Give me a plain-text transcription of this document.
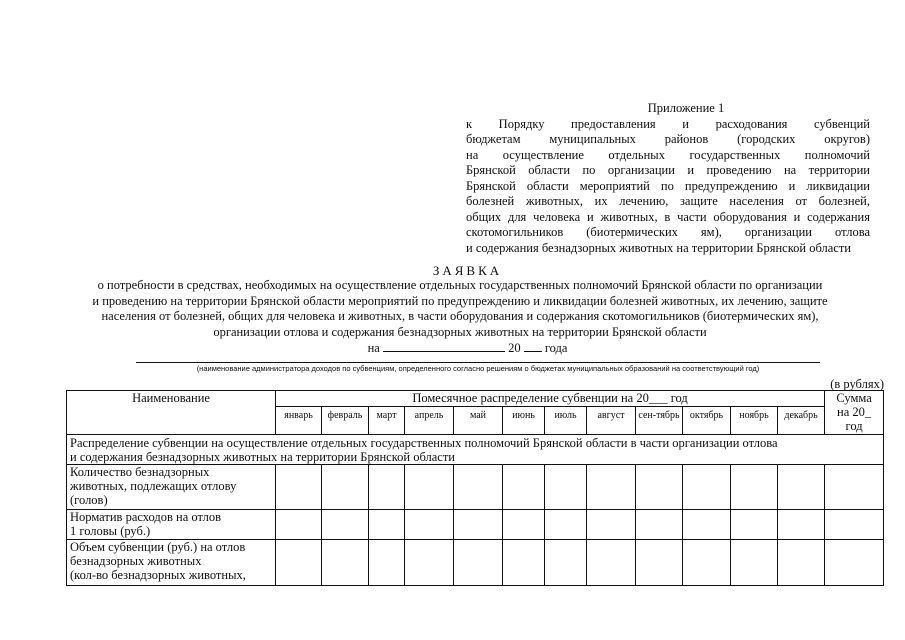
Приложение 1
к Порядку предоставления и расходования субвенций
бюджетам муниципальных районов (городских округов)
на осуществление отдельных государственных полномочий
Брянской области по организации и проведению на территории
Брянской области мероприятий по предупреждению и ликвидации
болезней животных, их лечению, защите населения от болезней,
общих для человека и животных, в части оборудования и содержания
скотомогильников (биотермических ям), организации отлова
и содержания безнадзорных животных на территории Брянской области
ЗАЯВКА
о потребности в средствах, необходимых на осуществление отдельных государственных полномочий Брянской области по организации
и проведению на территории Брянской области мероприятий по предупреждению и ликвидации болезней животных, их лечению, защите
населения от болезней, общих для человека и животных, в части оборудования и содержания скотомогильников (биотермических ям),
организации отлова и содержания безнадзорных животных на территории Брянской области
на	20 года
(наименование администратора доходов по субвенциям, определенного согласно решениям о бюджетах муниципальных образований на соответствующий год)
(в рублях)
Наименование	Помесячное распределение субвенции на 20___ год												Сумма
на 20_
год

	январь	февраль	март	апрель	май	июнь	июль	август	сен-тябрь	октябрь	ноябрь	декабрь	

Распределение субвенции на осуществление отдельных государственных полномочий Брянской области в части организации отлова
и содержания безнадзорных животных на территории Брянской области													

Количество безнадзорных
животных, подлежащих отлову
(голов)													

Норматив расходов на отлов
1 головы (руб.)													

Объем субвенции (руб.) на отлов
безнадзорных животных
(кол-во безнадзорных животных,													
